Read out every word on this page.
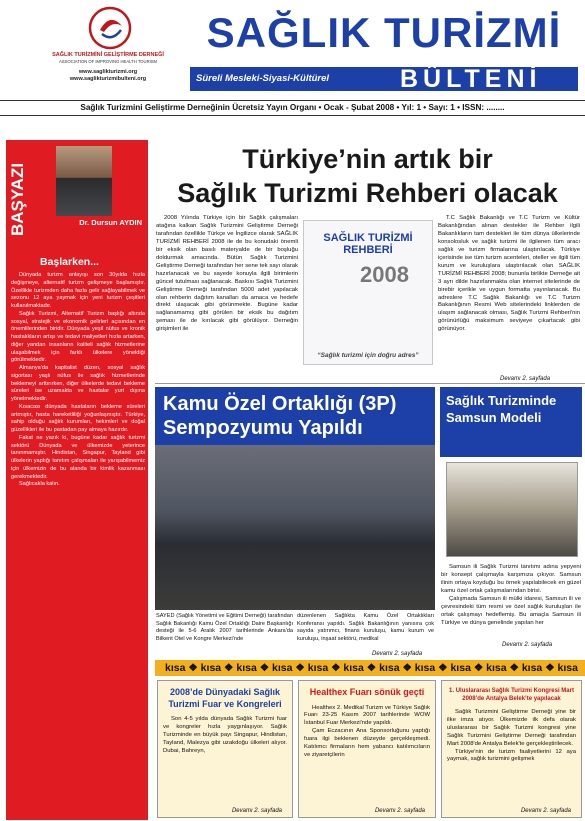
SAĞLIK TURİZMİNİ GELİŞTİRME DERNEĞİ
ASSOCIATION OF IMPROVING HEALTH TOURISM
www.saglikturizmi.org
www.saglikturizmibulteni.org
SAĞLIK TURİZMİ
Süreli Mesleki-Siyasi-Kültürel	BÜLTENİ
Sağlık Turizmini Geliştirme Derneğinin Ücretsiz Yayın Organı • Ocak - Şubat 2008 • Yıl: 1 • Sayı: 1 • ISSN: ........
BAŞYAZI	Dr. Dursun AYDIN
Başlarken...

Dünyada turizm anlayışı son 30yılda hızla değişmeye, alternatif turizm gelişmeye başlamıştır. Özellikle turizmden daha fazla gelir sağlayabilmek ve sezonu 12 aya yaymak için yeni turizm çeşitleri kullanılmaktadır.

Sağlık Turizmi, Alternatif Turizm başlığı altında sosyal, stratejik ve ekonomik gelirleri açısından en önemlilerinden biridir. Dünyada yeşil nüfus ve kronik hastalıkların artışı ve tedavi maliyetleri hızla artarken, diğer yandan insanların kaliteli sağlık hizmetlerine ulaşabilmek için farklı ülkelere yöneldiği görülmektedir.

Almanya'da kapitalist düzen, sosyal sağlık sigortası yaşlı nüfus ile sağlık hizmetlerinde beklemeyi arttırırken, diğer ülkelerde tedavi bekleme süreleri ise uzamakta ve hastalar yurt dışına yönelmektedir.

Kısacası dünyada hastaların bekleme süreleri artmıştır, hasta hareketliliği yoğunlaşmıştır. Türkiye, sahip olduğu sağlık kurumları, hekimleri ve doğal güzellikleri ile bu pastadan pay almaya hazırdır.

Fakat ne yazık ki, bugüne kadar sağlık turizmi sektörü Dünyada ve ülkemizde yeterince tanınmamıştır. Hindistan, Singapur, Tayland gibi ülkelerin yaptığı tanıtım çalışmaları ile yarışabilmemiz için ülkemizin de bu alanda bir kimlik kazanması gerekmektedir.

Sağlıcakla kalın.

Türkiye’nin artık bir
Sağlık Turizmi Rehberi olacak

2008 Yılında Türkiye için bir Sağlık çalışmaları atağına kalkan Sağlık Turizmini Geliştirme Derneği tarafından özellikle Türkçe ve İngilizce olarak SAĞLIK TURİZMİ REHBERİ 2008 ile de bu konudaki önemli bir eksik olan basılı materyalde de bir boşluğu doldurmak amacında. Bütün Sağlık Turizmini Geliştirme Derneği tarafından her sene tek sayı olarak hazırlanacak ve bu sayede konuyla ilgili birimlerin güncel tutulması sağlanacak. Baskısı Sağlık Turizmini Geliştirme Derneği tarafından 5000 adet yapılacak olan rehberin dağıtım kanalları da amaca ve hedefe direkt ulaşacak gibi görünmekte. Bugüne kadar sağlanamamış gibi görülen bir eksik bu dağıtım şeması ile de kırılacak gibi görülüyor. Derneğin girişimleri ile

SAĞLIK TURİZMİ REHBERİ
2008
“Sağlık turizmi için doğru adres”

T.C Sağlık Bakanlığı ve T.C Turizm ve Kültür Bakanlığından alınan destekler ile Rehber ilgili Bakanlıkların tam destekleri ile tüm dünya ülkelerinde konsolosluk ve sağlık turizmi ile ilgilenen tüm aracı sağlık ve turizm firmalarına ulaştırılacak. Türkiye içerisinde ise tüm turizm acenteleri, oteller ve ilgili tüm kurum ve kuruluşlara ulaştırılacak olan SAĞLIK TURİZMİ REHBERİ 2008; bununla birlikte Derneğe ait 3 ayrı dilde hazırlanmakta olan internet sitelerinde de birebir içerikle ve uygun formatta yayınlanacak. Bu adreslere T.C Sağlık Bakanlığı ve T.C Turizm Bakanlığının Resmi Web sitelerindeki linklerden de ulaşım sağlanacak olması, Sağlık Turizmi Rehberi'nin görünürlüğü maksimum seviyeye çıkartacak gibi görünüyor.

Devamı 2. sayfada
Kamu Özel Ortaklığı (3P) Sempozyumu Yapıldı
SAYED (Sağlık Yönetimi ve Eğitimi Derneği) tarafından Sağlık Bakanlığı Kamu Özel Ortaklığı Daire Başkanlığı desteği ile 5-6 Aralık 2007 tarihlerinde Ankara'da Bilkent Otel ve Kongre Merkezi'nde
düzenlenen Sağlıkta Kamu Özel Ortaklıkları Konferansı yapıldı. Sağlık Bakanlığının yanısıra çok sayıda yatırımcı, finans kuruluşu, kamu kurum ve kuruluşu, inşaat sektörü, medikal
Devamı 2. sayfada
Sağlık Turizminde Samsun Modeli

Samsun ili Sağlık Turizmi tanıtımı adına yepyeni bir konsept çalışmayla karşımıza çıkıyor. Samsun ilinin ortaya koyduğu bu örnek yapılabilecek en güzel kamu özel ortak çalışmalarından birisi.

Çalışmada Samsun ili mülki idaresi, Samsun ili ve çevresindeki tüm resmi ve özel sağlık kuruluşları ile ortak çalışmayı hedeflemiş. Bu amaçla Samsun ili Türkiye ve dünya genelinde yapılan her

Devamı 2. sayfada
kısa ❖ kısa ❖ kısa ❖ kısa ❖ kısa ❖ kısa ❖ kısa ❖ kısa ❖ kısa ❖ kısa ❖ kısa ❖ kısa
2008’de Dünyadaki Sağlık Turizmi Fuar ve Kongreleri

Son 4-5 yılda dünyada Sağlık Turizmi fuar ve kongreler hızla yaygınlaşıyor. Sağlık Turizminde en büyük payı Singapur, Hindistan, Tayland, Malezya gibi uzakdoğu ülkeleri alıyor. Dubai, Bahreyn,

Devamı 2. sayfada
Healthex Fuarı sönük geçti

Healthex 2. Medikal Turizm ve Türkiye Sağlık Fuarı 23-25 Kasım 2007 tarihlerinde WOW İstanbul Fuar Merkezi'nde yapıldı.

Çam Eczacının Ana Sponsorluğunu yaptığı fuara ilgi beklenen düzeyde gerçekleşmedi. Katılımcı firmaların hem yabancı katılımcıların ve ziyaretçilerin

Devamı 2. sayfada
1. Uluslararası Sağlık Turizmi Kongresi Mart 2008’de Antalya Belek’te yapılacak

Sağlık Turizmini Geliştirme Derneği yine bir ilke imza atıyor. Ülkemizde ilk defa olarak uluslararası bir Sağlık Turizmi kongresi yine Sağlık Turizmini Geliştirme Derneği tarafından Mart 2008'de Antalya Belek'te gerçekleştirilecek.

Türkiye'nin de turizm faaliyetlerini 12 aya yaymak, sağlık turizmini gelişmek

Devamı 2. sayfada
